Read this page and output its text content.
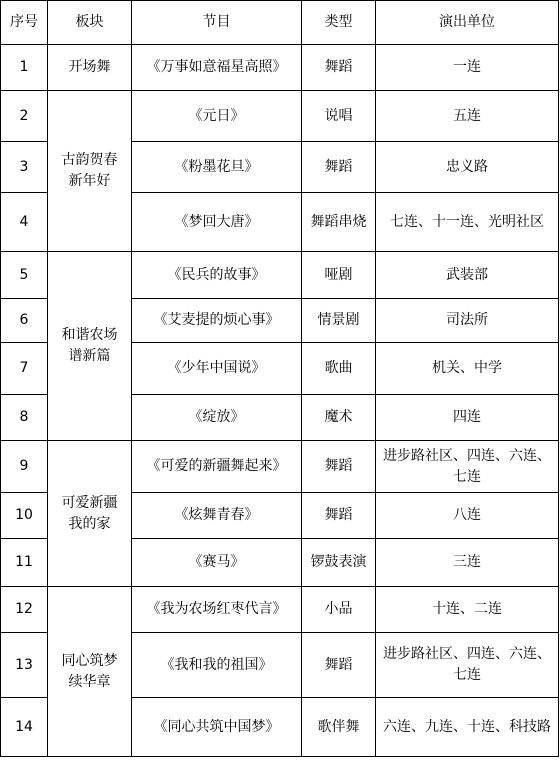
序号	板块	节目	类型	演出单位
1	开场舞	《万事如意福星高照》	舞蹈	一连
2	古韵贺春新年好	《元日》	说唱	五连
3		《粉墨花旦》	舞蹈	忠义路
4		《梦回大唐》	舞蹈串烧	七连、十一连、光明社区
5	和谐农场谱新篇	《民兵的故事》	哑剧	武装部
6		《艾麦提的烦心事》	情景剧	司法所
7		《少年中国说》	歌曲	机关、中学
8		《绽放》	魔术	四连
9	可爱新疆我的家	《可爱的新疆舞起来》	舞蹈	进步路社区、四连、六连、七连
10		《炫舞青春》	舞蹈	八连
11		《赛马》	锣鼓表演	三连
12	同心筑梦续华章	《我为农场红枣代言》	小品	十连、二连
13		《我和我的祖国》	舞蹈	进步路社区、四连、六连、七连
14		《同心共筑中国梦》	歌伴舞	六连、九连、十连、科技路
